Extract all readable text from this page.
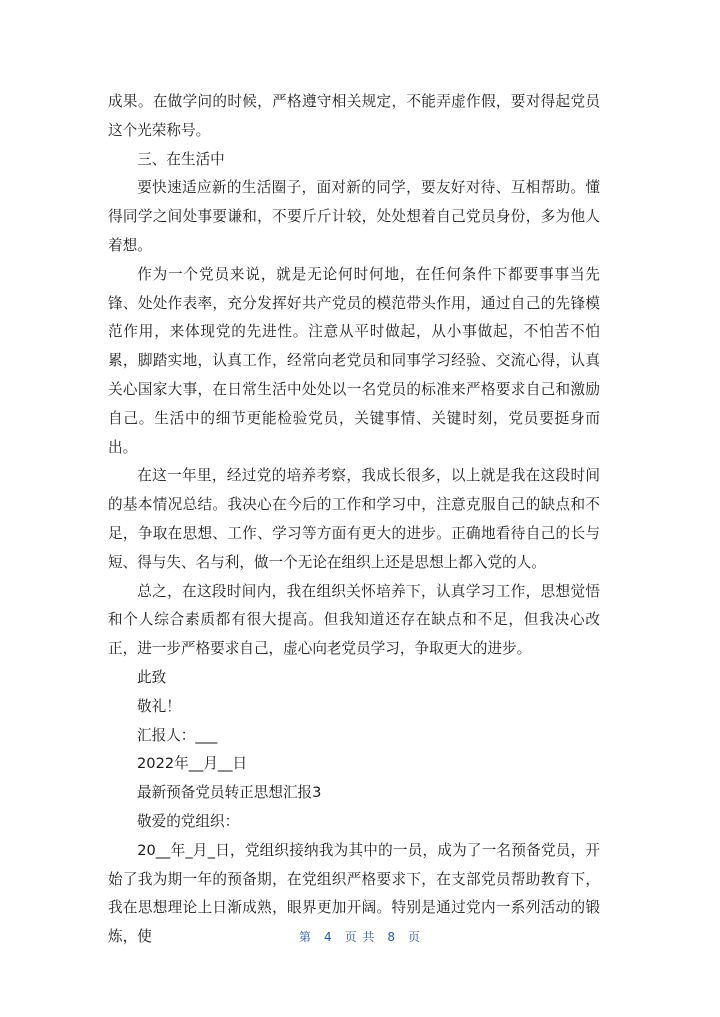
成果。在做学问的时候，严格遵守相关规定，不能弄虚作假，要对得起党员这个光荣称号。

三、在生活中

要快速适应新的生活圈子，面对新的同学，要友好对待、互相帮助。懂得同学之间处事要谦和，不要斤斤计较，处处想着自己党员身份，多为他人着想。

作为一个党员来说，就是无论何时何地，在任何条件下都要事事当先锋、处处作表率，充分发挥好共产党员的模范带头作用，通过自己的先锋模范作用，来体现党的先进性。注意从平时做起，从小事做起，不怕苦不怕累，脚踏实地，认真工作，经常向老党员和同事学习经验、交流心得，认真关心国家大事，在日常生活中处处以一名党员的标准来严格要求自己和激励自己。生活中的细节更能检验党员，关键事情、关键时刻，党员要挺身而出。

在这一年里，经过党的培养考察，我成长很多，以上就是我在这段时间的基本情况总结。我决心在今后的工作和学习中，注意克服自己的缺点和不足，争取在思想、工作、学习等方面有更大的进步。正确地看待自己的长与短、得与失、名与利，做一个无论在组织上还是思想上都入党的人。

总之，在这段时间内，我在组织关怀培养下，认真学习工作，思想觉悟和个人综合素质都有很大提高。但我知道还存在缺点和不足，但我决心改正，进一步严格要求自己，虚心向老党员学习，争取更大的进步。

此致

敬礼！

汇报人：___

2022年__月__日

最新预备党员转正思想汇报3

敬爱的党组织：

20__年_月_日，党组织接纳我为其中的一员，成为了一名预备党员，开始了我为期一年的预备期，在党组织严格要求下，在支部党员帮助教育下，我在思想理论上日渐成熟，眼界更加开阔。特别是通过党内一系列活动的锻炼，使	第 4 页 共 8 页
